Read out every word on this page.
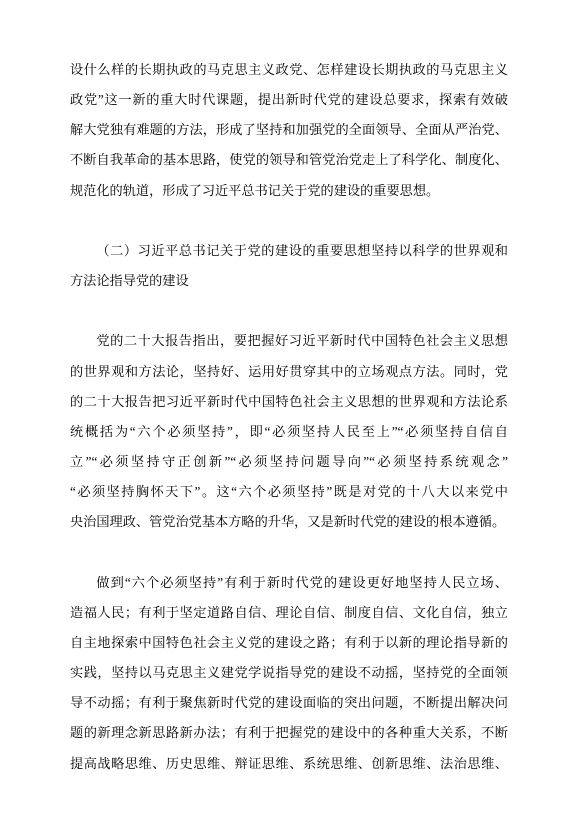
设什么样的长期执政的马克思主义政党、怎样建设长期执政的马克思主义
政党”这一新的重大时代课题，提出新时代党的建设总要求，探索有效破
解大党独有难题的方法，形成了坚持和加强党的全面领导、全面从严治党、
不断自我革命的基本思路，使党的领导和管党治党走上了科学化、制度化、
规范化的轨道，形成了习近平总书记关于党的建设的重要思想。
（二）习近平总书记关于党的建设的重要思想坚持以科学的世界观和
方法论指导党的建设
党的二十大报告指出，要把握好习近平新时代中国特色社会主义思想
的世界观和方法论，坚持好、运用好贯穿其中的立场观点方法。同时，党
的二十大报告把习近平新时代中国特色社会主义思想的世界观和方法论系
统概括为“六个必须坚持”，即“必须坚持人民至上”“必须坚持自信自
立”“必须坚持守正创新”“必须坚持问题导向”“必须坚持系统观念”
“必须坚持胸怀天下”。这“六个必须坚持”既是对党的十八大以来党中
央治国理政、管党治党基本方略的升华，又是新时代党的建设的根本遵循。
做到“六个必须坚持”有利于新时代党的建设更好地坚持人民立场、
造福人民；有利于坚定道路自信、理论自信、制度自信、文化自信，独立
自主地探索中国特色社会主义党的建设之路；有利于以新的理论指导新的
实践，坚持以马克思主义建党学说指导党的建设不动摇，坚持党的全面领
导不动摇；有利于聚焦新时代党的建设面临的突出问题，不断提出解决问
题的新理念新思路新办法；有利于把握党的建设中的各种重大关系，不断
提高战略思维、历史思维、辩证思维、系统思维、创新思维、法治思维、
